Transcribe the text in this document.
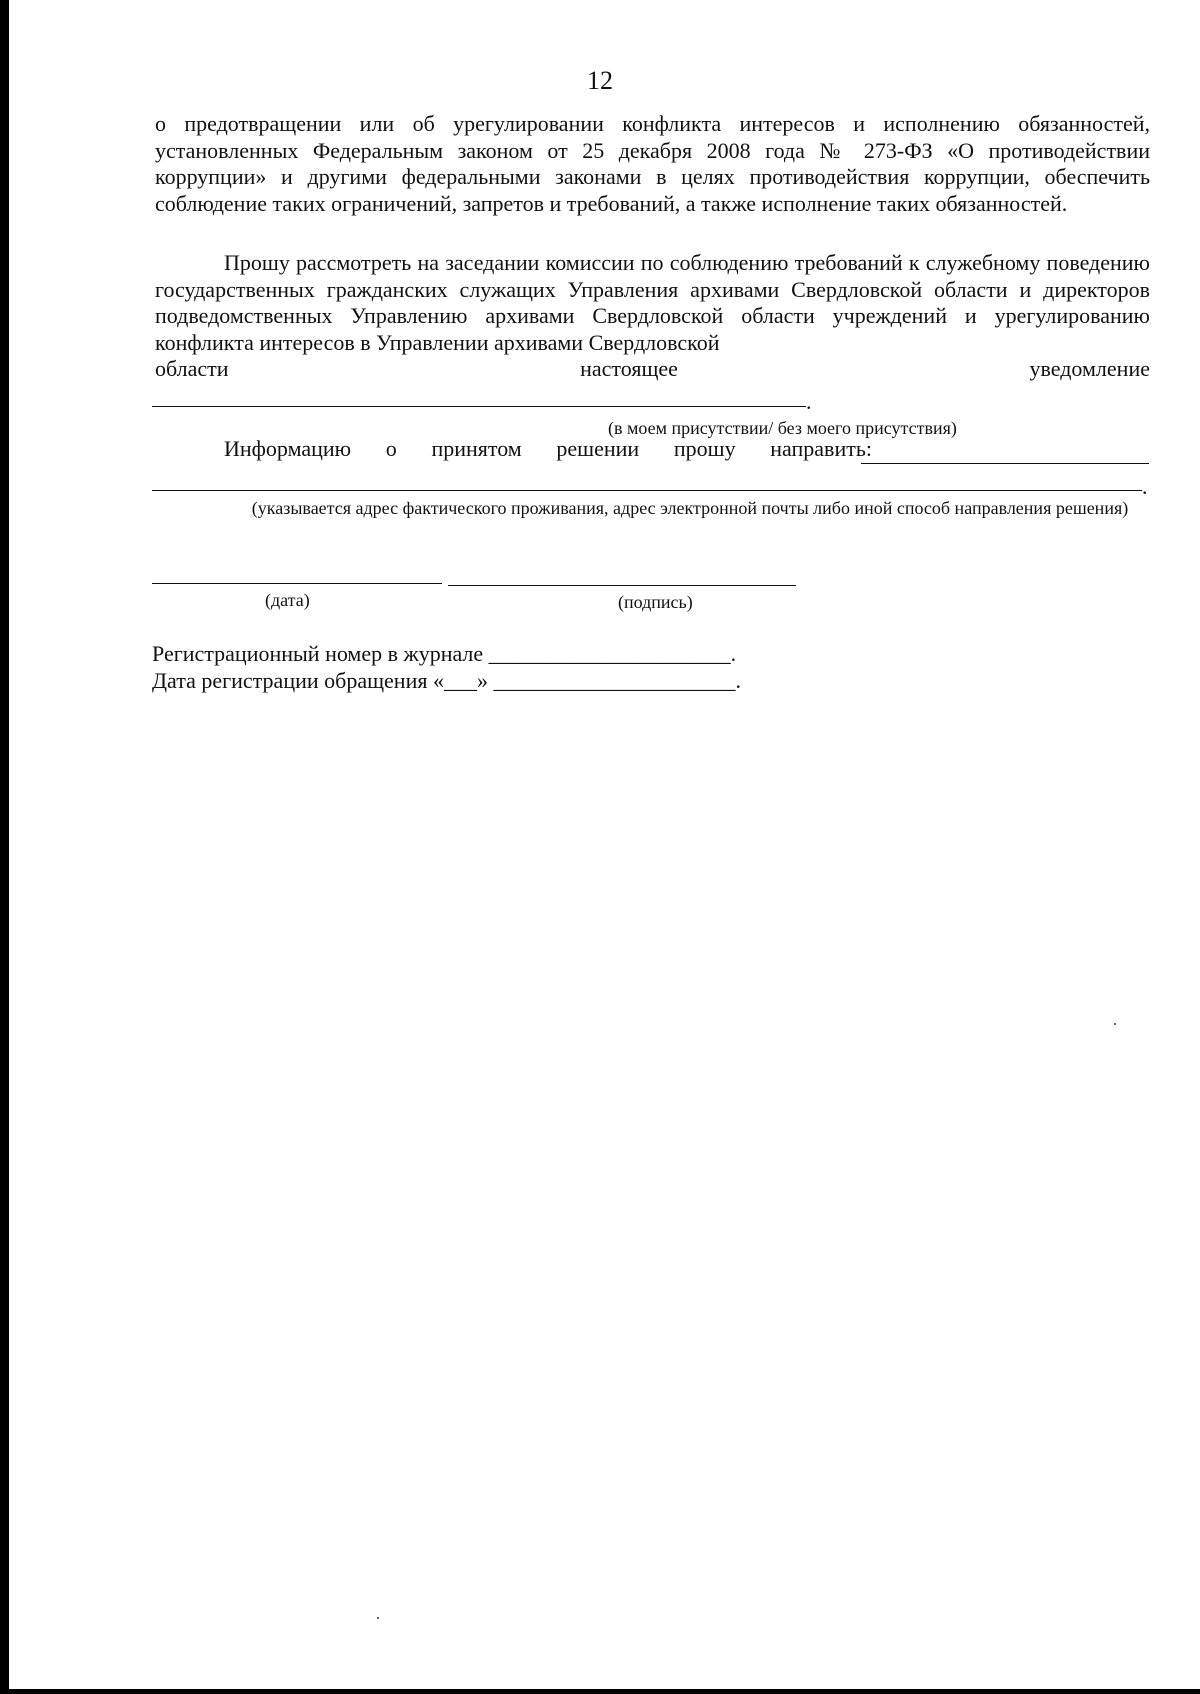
12

о предотвращении или об урегулировании конфликта интересов и исполнению обязанностей, установленных Федеральным законом от 25 декабря 2008 года № 273-ФЗ «О противодействии коррупции» и другими федеральными законами в целях противодействия коррупции, обеспечить соблюдение таких ограничений, запретов и требований, а также исполнение таких обязанностей.

Прошу рассмотреть на заседании комиссии по соблюдению требований к служебному поведению государственных гражданских служащих Управления архивами Свердловской области и директоров подведомственных Управлению архивами Свердловской области учреждений и урегулированию конфликта интересов в Управлении архивами Свердловской
области	настоящее	уведомление
.
(в моем присутствии/ без моего присутствия)
Информацию о принятом решении прошу направить:
.
(указывается адрес фактического проживания, адрес электронной почты либо иной способ направления решения)
(дата)	(подпись)
Регистрационный номер в журнале ______________________.
Дата регистрации обращения «___» ______________________.
